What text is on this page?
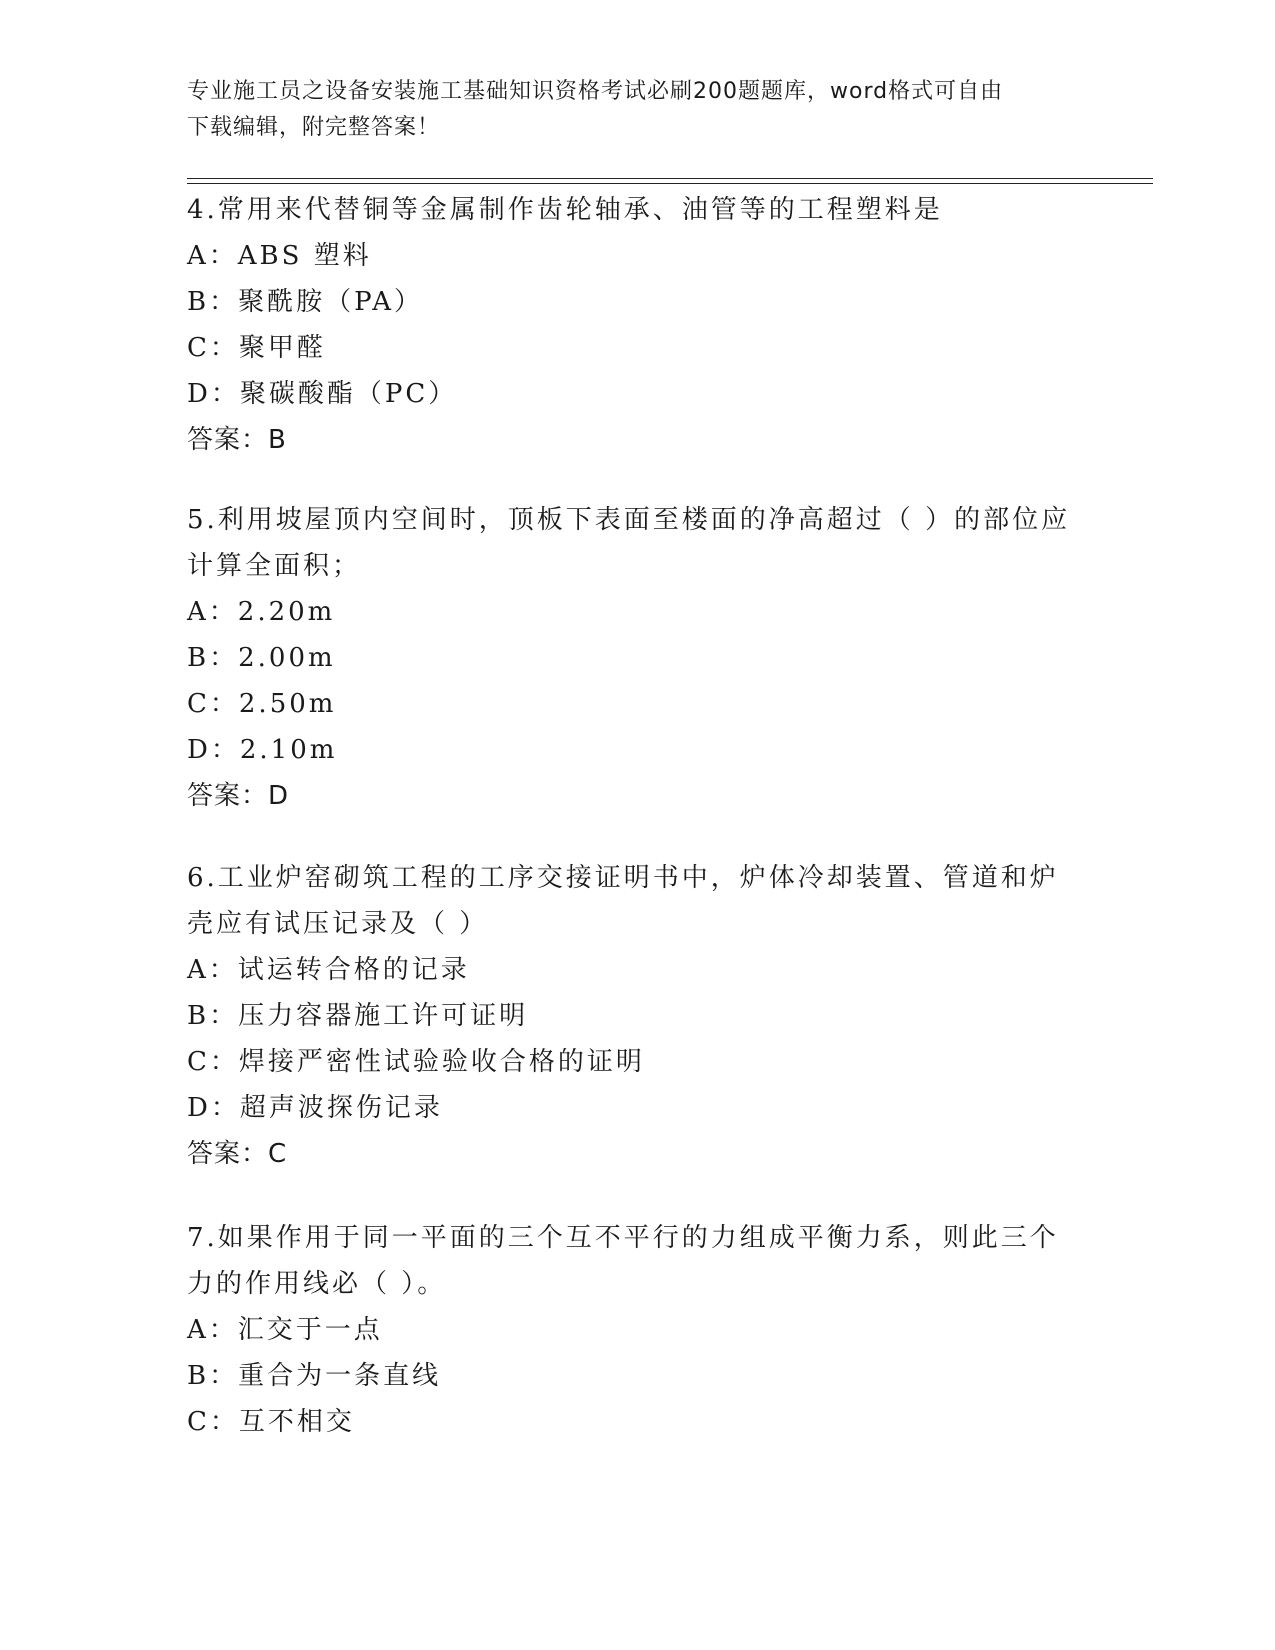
专业施工员之设备安装施工基础知识资格考试必刷200题题库，word格式可自由
下载编辑，附完整答案！
4.常用来代替铜等金属制作齿轮轴承、油管等的工程塑料是
A：ABS 塑料
B：聚酰胺（PA）
C：聚甲醛
D：聚碳酸酯（PC）
答案：B
5.利用坡屋顶内空间时，顶板下表面至楼面的净高超过（ ）的部位应
计算全面积；
A：2.20m
B：2.00m
C：2.50m
D：2.10m
答案：D
6.工业炉窑砌筑工程的工序交接证明书中，炉体冷却装置、管道和炉
壳应有试压记录及（ ）
A：试运转合格的记录
B：压力容器施工许可证明
C：焊接严密性试验验收合格的证明
D：超声波探伤记录
答案：C
7.如果作用于同一平面的三个互不平行的力组成平衡力系，则此三个
力的作用线必（ ）。
A：汇交于一点
B：重合为一条直线
C：互不相交
